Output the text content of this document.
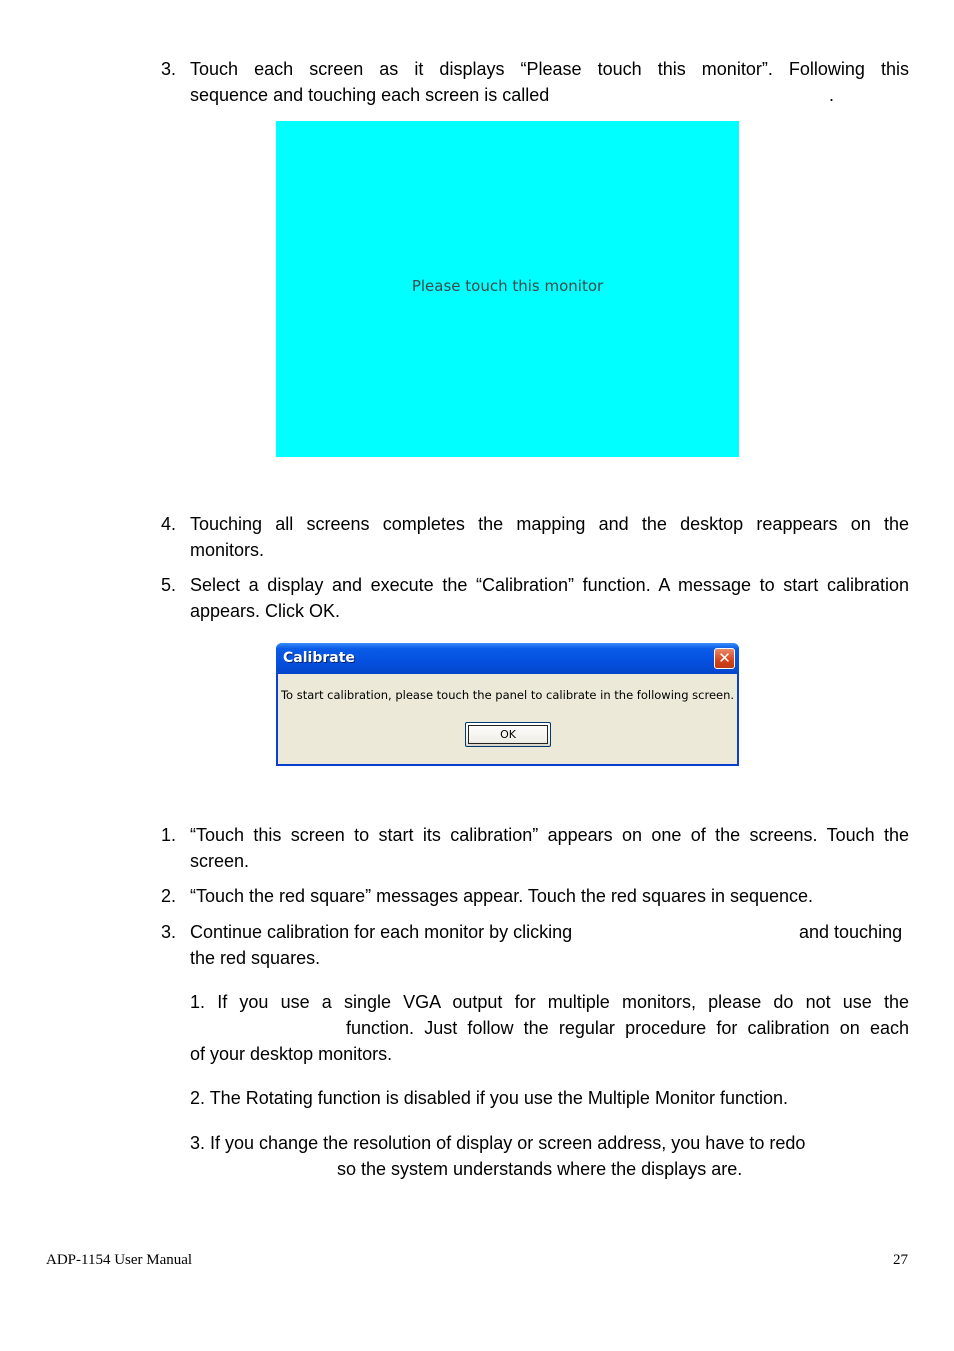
3. Touch each screen as it displays “Please touch this monitor”. Following this
sequence and touching each screen is called	.
Please touch this monitor
4. Touching all screens completes the mapping and the desktop reappears on the
monitors.
5. Select a display and execute the “Calibration” function. A message to start calibration
appears. Click OK.
Calibrate	✕
To start calibration, please touch the panel to calibrate in the following screen.
OK
1. “Touch this screen to start its calibration” appears on one of the screens. Touch the
screen.
2. “Touch the red square” messages appear. Touch the red squares in sequence.
3. Continue calibration for each monitor by clicking	and touching
the red squares.
1. If you use a single VGA output for multiple monitors, please do not use the
function. Just follow the regular procedure for calibration on each
of your desktop monitors.
2. The Rotating function is disabled if you use the Multiple Monitor function.
3. If you change the resolution of display or screen address, you have to redo
so the system understands where the displays are.
ADP-1154 User Manual	27
